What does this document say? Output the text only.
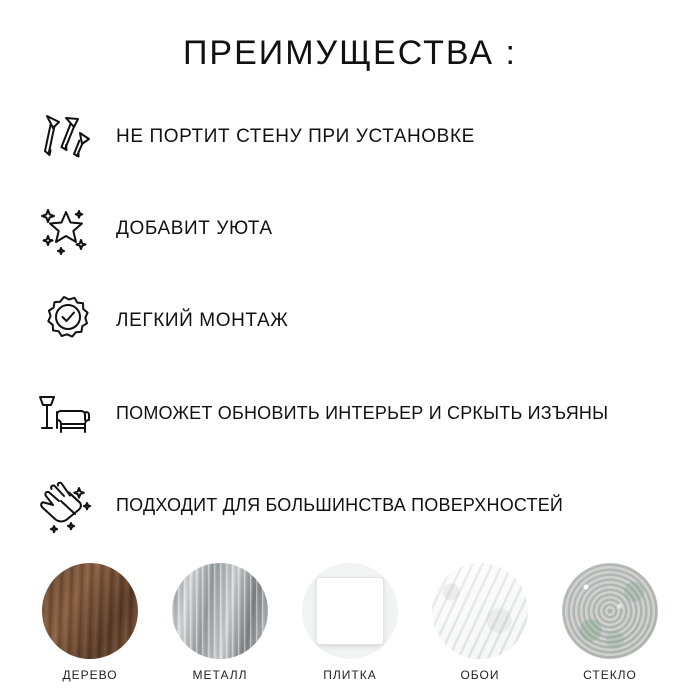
ПРЕИМУЩЕСТВА :
НЕ ПОРТИТ СТЕНУ ПРИ УСТАНОВКЕ
ДОБАВИТ УЮТА
ЛЕГКИЙ МОНТАЖ
ПОМОЖЕТ ОБНОВИТЬ ИНТЕРЬЕР И СРКЫТЬ ИЗЪЯНЫ
ПОДХОДИТ ДЛЯ БОЛЬШИНСТВА ПОВЕРХНОСТЕЙ
ДЕРЕВО	МЕТАЛЛ	ПЛИТКА	ОБОИ	СТЕКЛО
